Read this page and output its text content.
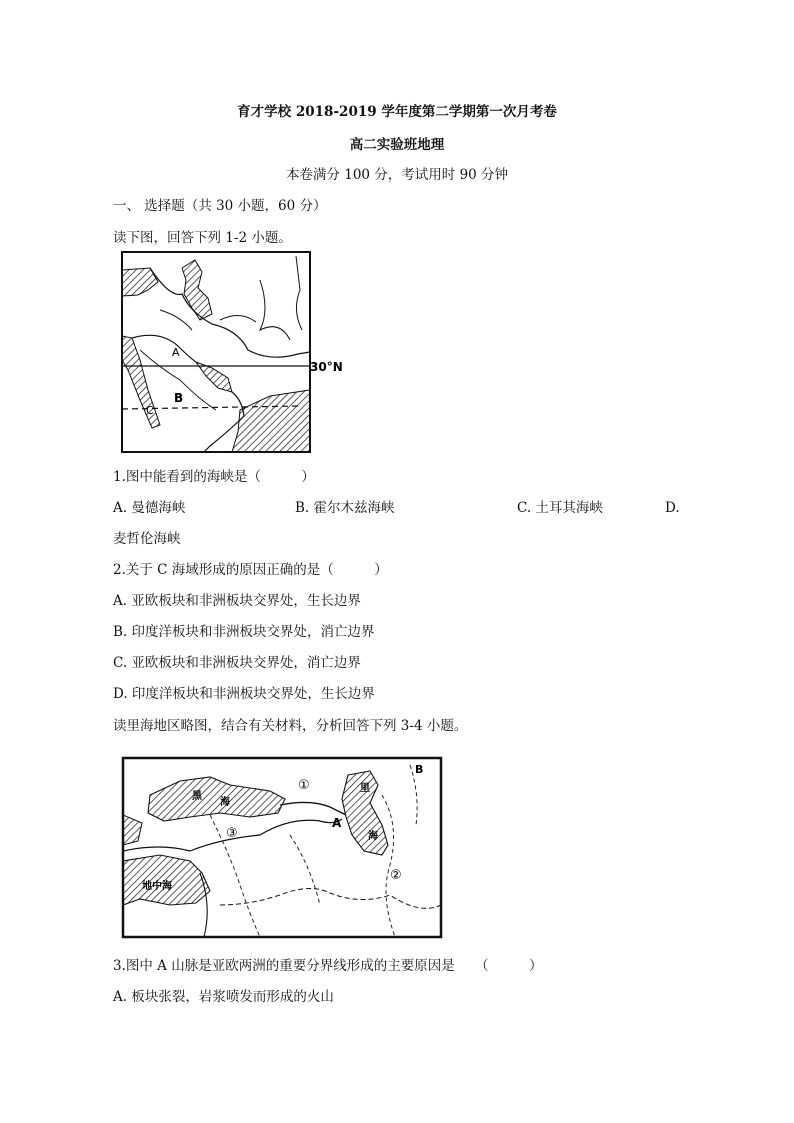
育才学校 2018-2019 学年度第二学期第一次月考卷
高二实验班地理
本卷满分 100 分，考试用时 90 分钟
一、 选择题（共 30 小题，60 分）
读下图，回答下列 1-2 小题。
30°N
A
B
C
1.图中能看到的海峡是（　　　）
A. 曼德海峡	B. 霍尔木兹海峡	C. 土耳其海峡	D.
麦哲伦海峡
2.关于 C 海域形成的原因正确的是（　　　）
A. 亚欧板块和非洲板块交界处，生长边界
B. 印度洋板块和非洲板块交界处，消亡边界
C. 亚欧板块和非洲板块交界处，消亡边界
D. 印度洋板块和非洲板块交界处，生长边界
读里海地区略图，结合有关材料，分析回答下列 3-4 小题。
B
A
①
②
③
黑
海
里
海
地中海
3.图中 A 山脉是亚欧两洲的重要分界线形成的主要原因是　　（　　　）
A. 板块张裂，岩浆喷发而形成的火山
